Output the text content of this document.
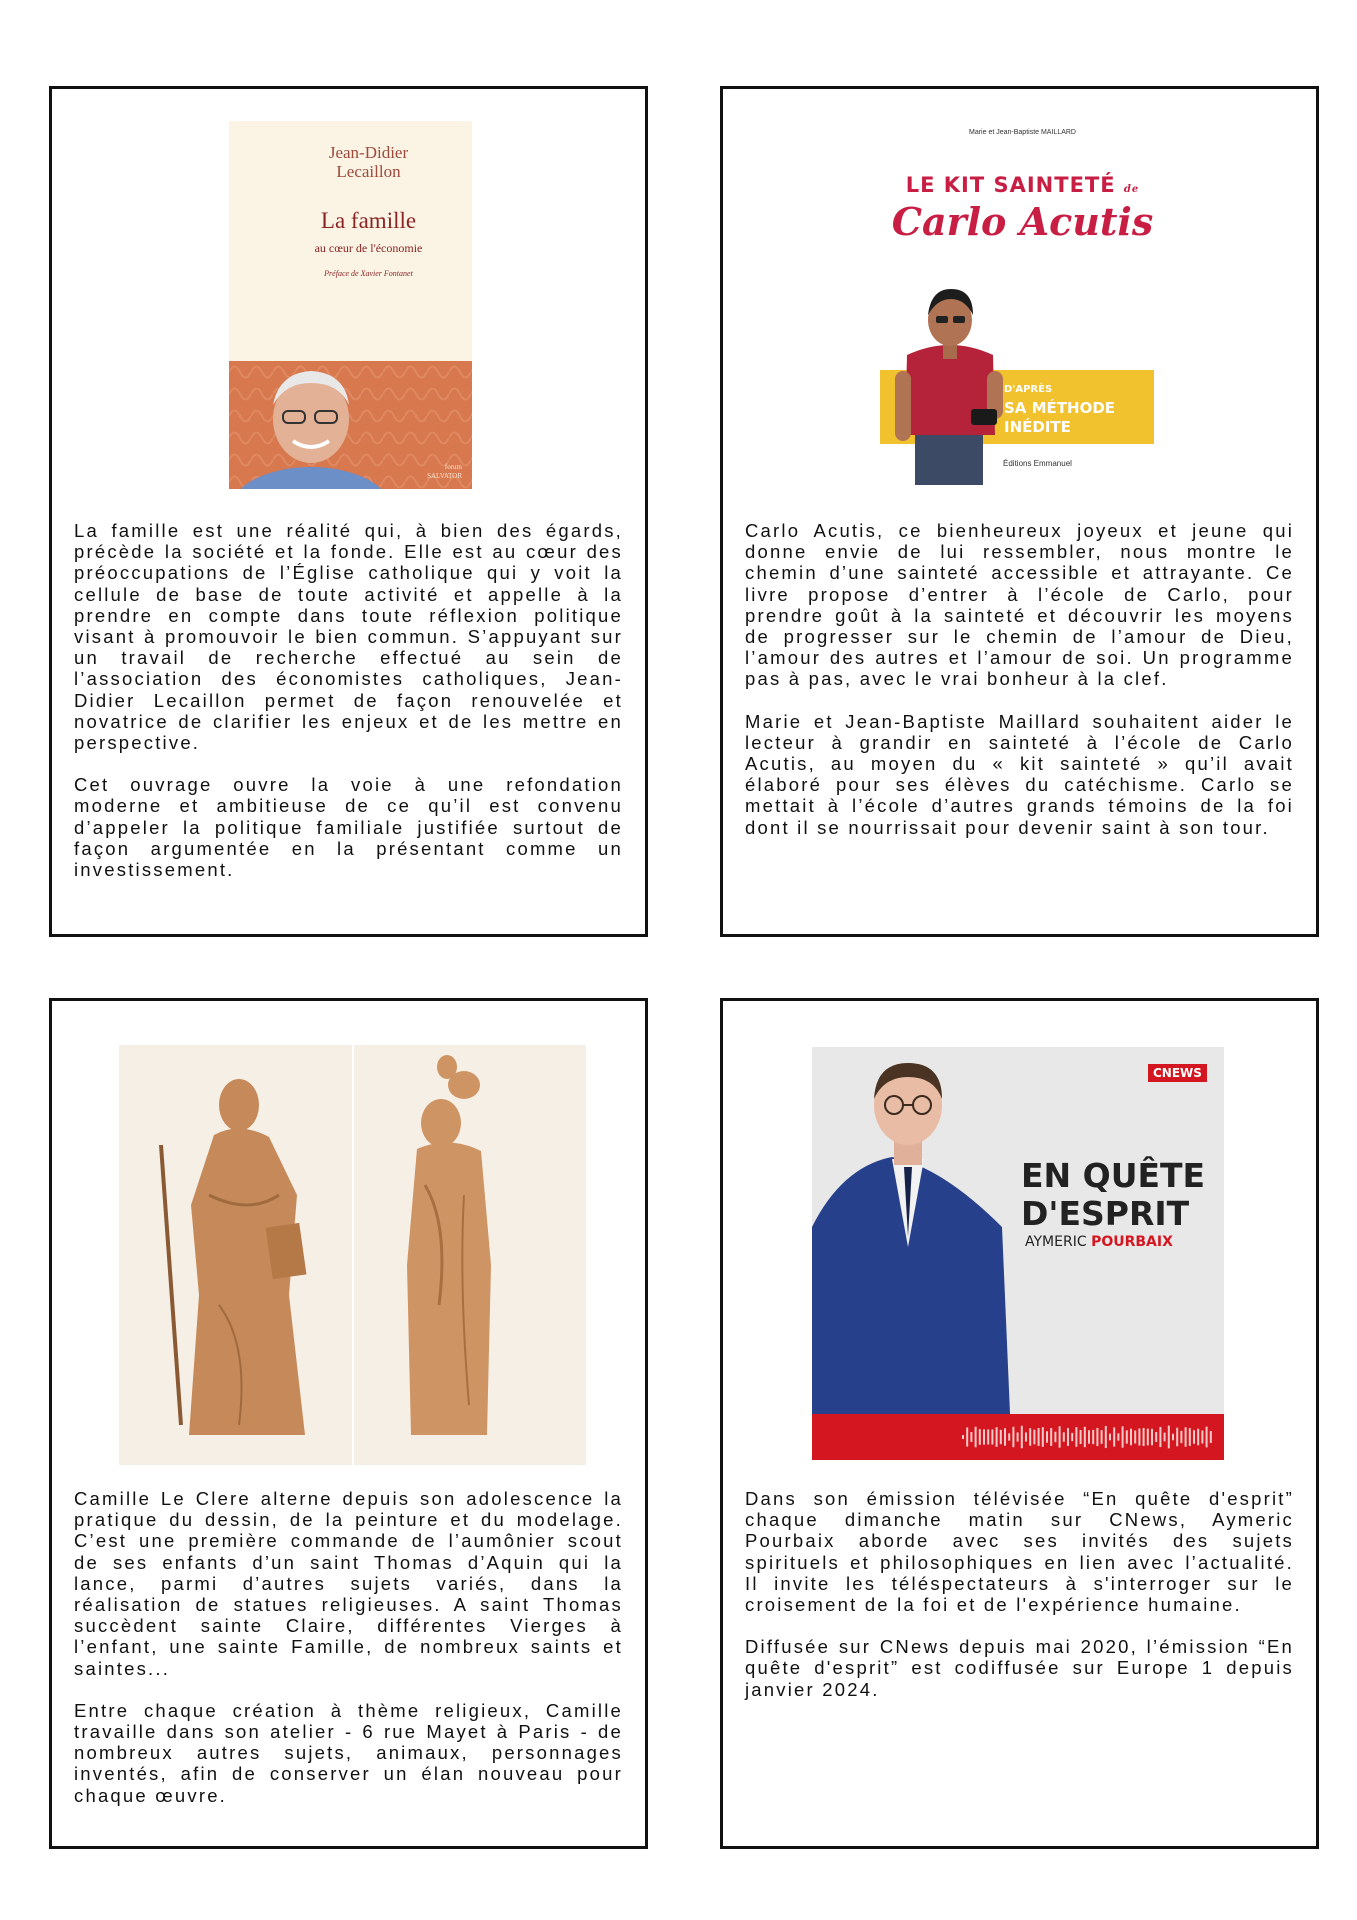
Jean-Didier
Lecaillon
La famille
au cœur de l'économie
Préface de Xavier Fontanet
forum
SALVATOR

La famille est une réalité qui, à bien des égards, précède la société et la fonde. Elle est au cœur des préoccupations de l’Église catholique qui y voit la cellule de base de toute activité et appelle à la prendre en compte dans toute réflexion politique visant à promouvoir le bien commun. S’appuyant sur un travail de recherche effectué au sein de l’association des économistes catholiques, Jean-Didier Lecaillon permet de façon renouvelée et novatrice de clarifier les enjeux et de les mettre en perspective.

Cet ouvrage ouvre la voie à une refondation moderne et ambitieuse de ce qu’il est convenu d’appeler la politique familiale justifiée surtout de façon argumentée en la présentant comme un investissement.

Marie et Jean-Baptiste MAILLARD
LE KIT SAINTETÉ de
Carlo Acutis
D'APRÈS
SA MÉTHODE
INÉDITE
Éditions Emmanuel

Carlo Acutis, ce bienheureux joyeux et jeune qui donne envie de lui ressembler, nous montre le chemin d’une sainteté accessible et attrayante. Ce livre propose d’entrer à l’école de Carlo, pour prendre goût à la sainteté et découvrir les moyens de progresser sur le chemin de l’amour de Dieu, l’amour des autres et l’amour de soi. Un programme pas à pas, avec le vrai bonheur à la clef.

Marie et Jean-Baptiste Maillard souhaitent aider le lecteur à grandir en sainteté à l’école de Carlo Acutis, au moyen du « kit sainteté » qu’il avait élaboré pour ses élèves du catéchisme. Carlo se mettait à l’école d’autres grands témoins de la foi dont il se nourrissait pour devenir saint à son tour.

Camille Le Clere alterne depuis son adolescence la pratique du dessin, de la peinture et du modelage. C’est une première commande de l’aumônier scout de ses enfants d’un saint Thomas d’Aquin qui la lance, parmi d’autres sujets variés, dans la réalisation de statues religieuses. A saint Thomas succèdent sainte Claire, différentes Vierges à l’enfant, une sainte Famille, de nombreux saints et saintes...

Entre chaque création à thème religieux, Camille travaille dans son atelier - 6 rue Mayet à Paris - de nombreux autres sujets, animaux, personnages inventés, afin de conserver un élan nouveau pour chaque œuvre.

CNEWS
EN QUÊTE
D'ESPRIT
AYMERIC POURBAIX

Dans son émission télévisée “En quête d'esprit” chaque dimanche matin sur CNews, Aymeric Pourbaix aborde avec ses invités des sujets spirituels et philosophiques en lien avec l’actualité. Il invite les téléspectateurs à s'interroger sur le croisement de la foi et de l'expérience humaine.

Diffusée sur CNews depuis mai 2020, l’émission “En quête d'esprit” est codiffusée sur Europe 1 depuis janvier 2024.
